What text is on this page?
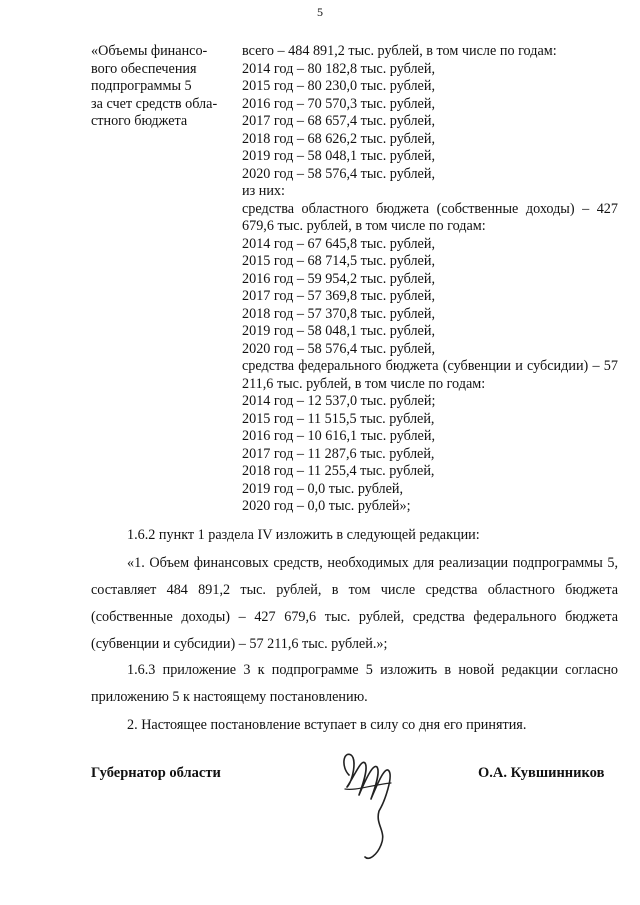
5
«Объемы финансо-
вого обеспечения
подпрограммы 5
за счет средств обла-
стного бюджета
всего – 484 891,2 тыс. рублей, в том числе по годам:
2014 год – 80 182,8 тыс. рублей,
2015 год – 80 230,0 тыс. рублей,
2016 год – 70 570,3 тыс. рублей,
2017 год – 68 657,4 тыс. рублей,
2018 год – 68 626,2 тыс. рублей,
2019 год – 58 048,1 тыс. рублей,
2020 год – 58 576,4 тыс. рублей,
из них:
средства областного бюджета (собственные доходы) – 427 679,6 тыс. рублей, в том числе по годам:
2014 год – 67 645,8 тыс. рублей,
2015 год – 68 714,5 тыс. рублей,
2016 год – 59 954,2 тыс. рублей,
2017 год – 57 369,8 тыс. рублей,
2018 год – 57 370,8 тыс. рублей,
2019 год – 58 048,1 тыс. рублей,
2020 год – 58 576,4 тыс. рублей,
средства федерального бюджета (субвенции и субсидии) – 57 211,6 тыс. рублей, в том числе по годам:
2014 год – 12 537,0 тыс. рублей;
2015 год – 11 515,5 тыс. рублей,
2016 год – 10 616,1 тыс. рублей,
2017 год – 11 287,6 тыс. рублей,
2018 год – 11 255,4 тыс. рублей,
2019 год – 0,0 тыс. рублей,
2020 год – 0,0 тыс. рублей»;
1.6.2 пункт 1 раздела IV изложить в следующей редакции:
«1. Объем финансовых средств, необходимых для реализации подпрограммы 5, составляет 484 891,2 тыс. рублей, в том числе средства областного бюджета (собственные доходы) – 427 679,6 тыс. рублей, средства федерального бюджета (субвенции и субсидии) – 57 211,6 тыс. рублей.»;
1.6.3 приложение 3 к подпрограмме 5 изложить в новой редакции согласно приложению 5 к настоящему постановлению.
2. Настоящее постановление вступает в силу со дня его принятия.
Губернатор области	О.А. Кувшинников
